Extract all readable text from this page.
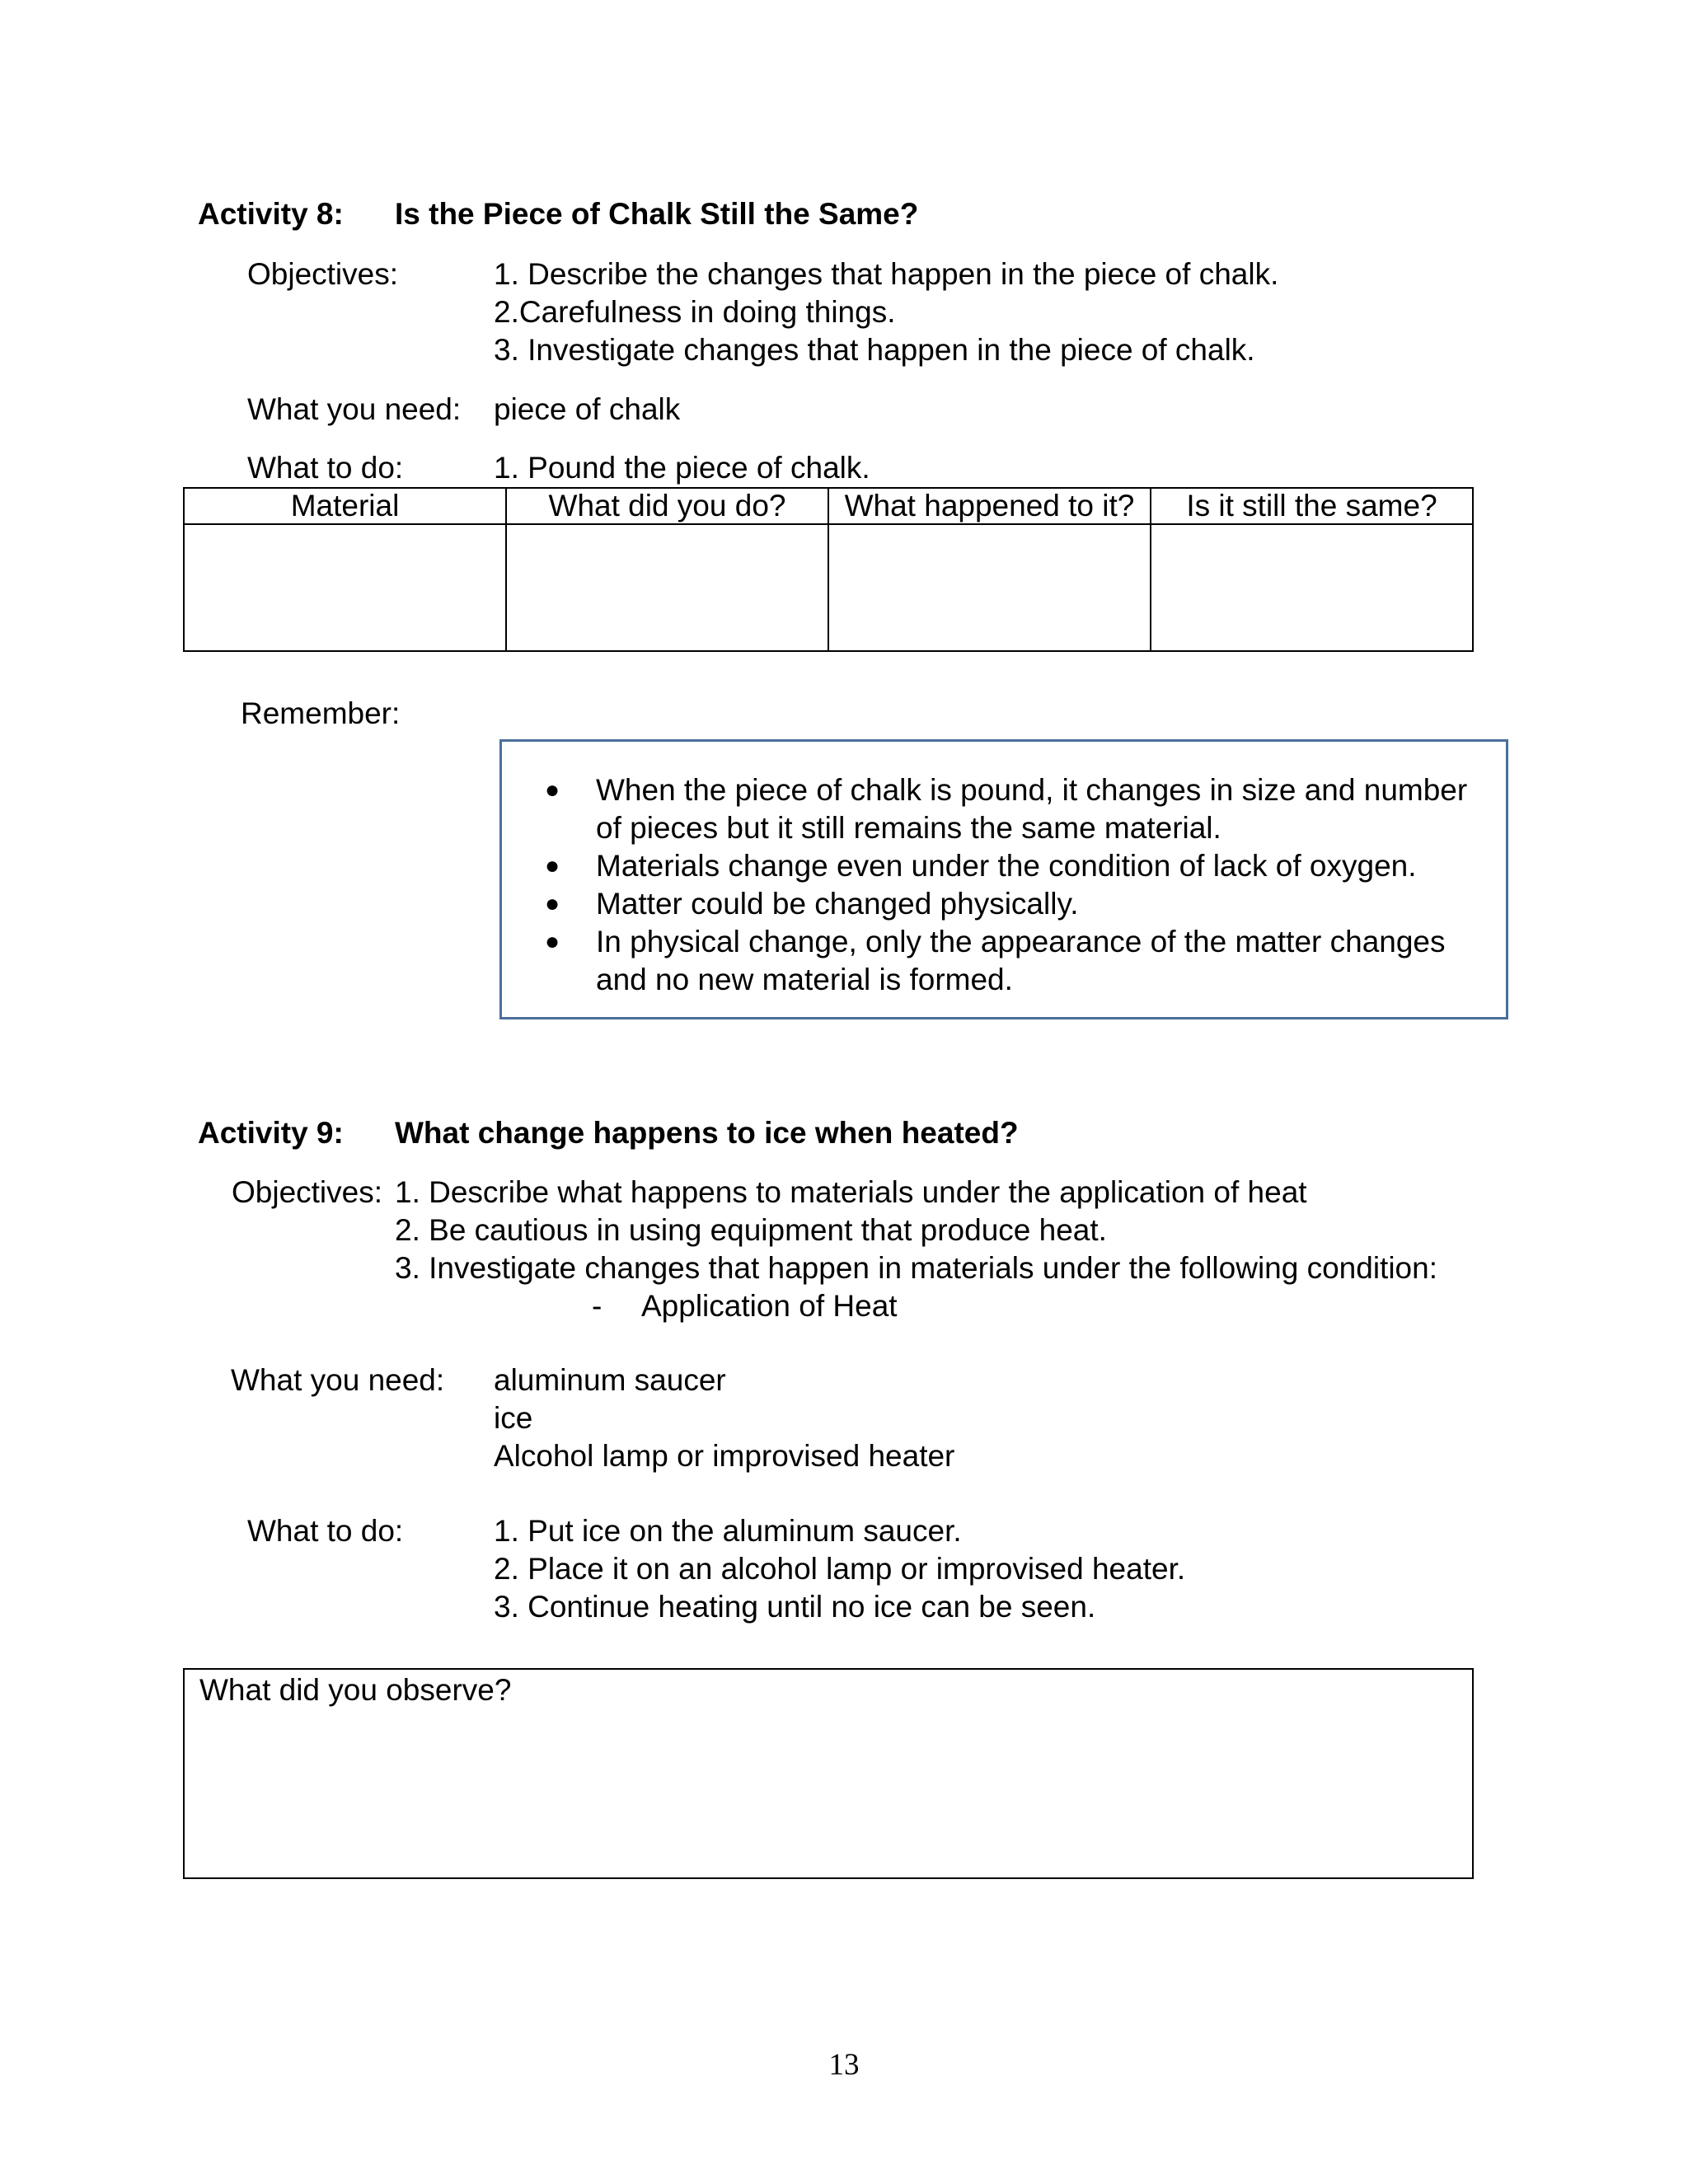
Activity 8: Is the Piece of Chalk Still the Same?
Objectives:	1. Describe the changes that happen in the piece of chalk.
2.Carefulness in doing things.
3. Investigate changes that happen in the piece of chalk.
What you need: piece of chalk
What to do:	1. Pound the piece of chalk.
Material	What did you do?	What happened to it?	Is it still the same?

Remember:
● When the piece of chalk is pound, it changes in size and number of pieces but it still remains the same material.
● Materials change even under the condition of lack of oxygen.
● Matter could be changed physically.
● In physical change, only the appearance of the matter changes and no new material is formed.
Activity 9: What change happens to ice when heated?
Objectives: 1. Describe what happens to materials under the application of heat
2. Be cautious in using equipment that produce heat.
3. Investigate changes that happen in materials under the following condition:
- Application of Heat
What you need: aluminum saucer
ice
Alcohol lamp or improvised heater
What to do:	1. Put ice on the aluminum saucer.
2. Place it on an alcohol lamp or improvised heater.
3. Continue heating until no ice can be seen.
What did you observe?
13
